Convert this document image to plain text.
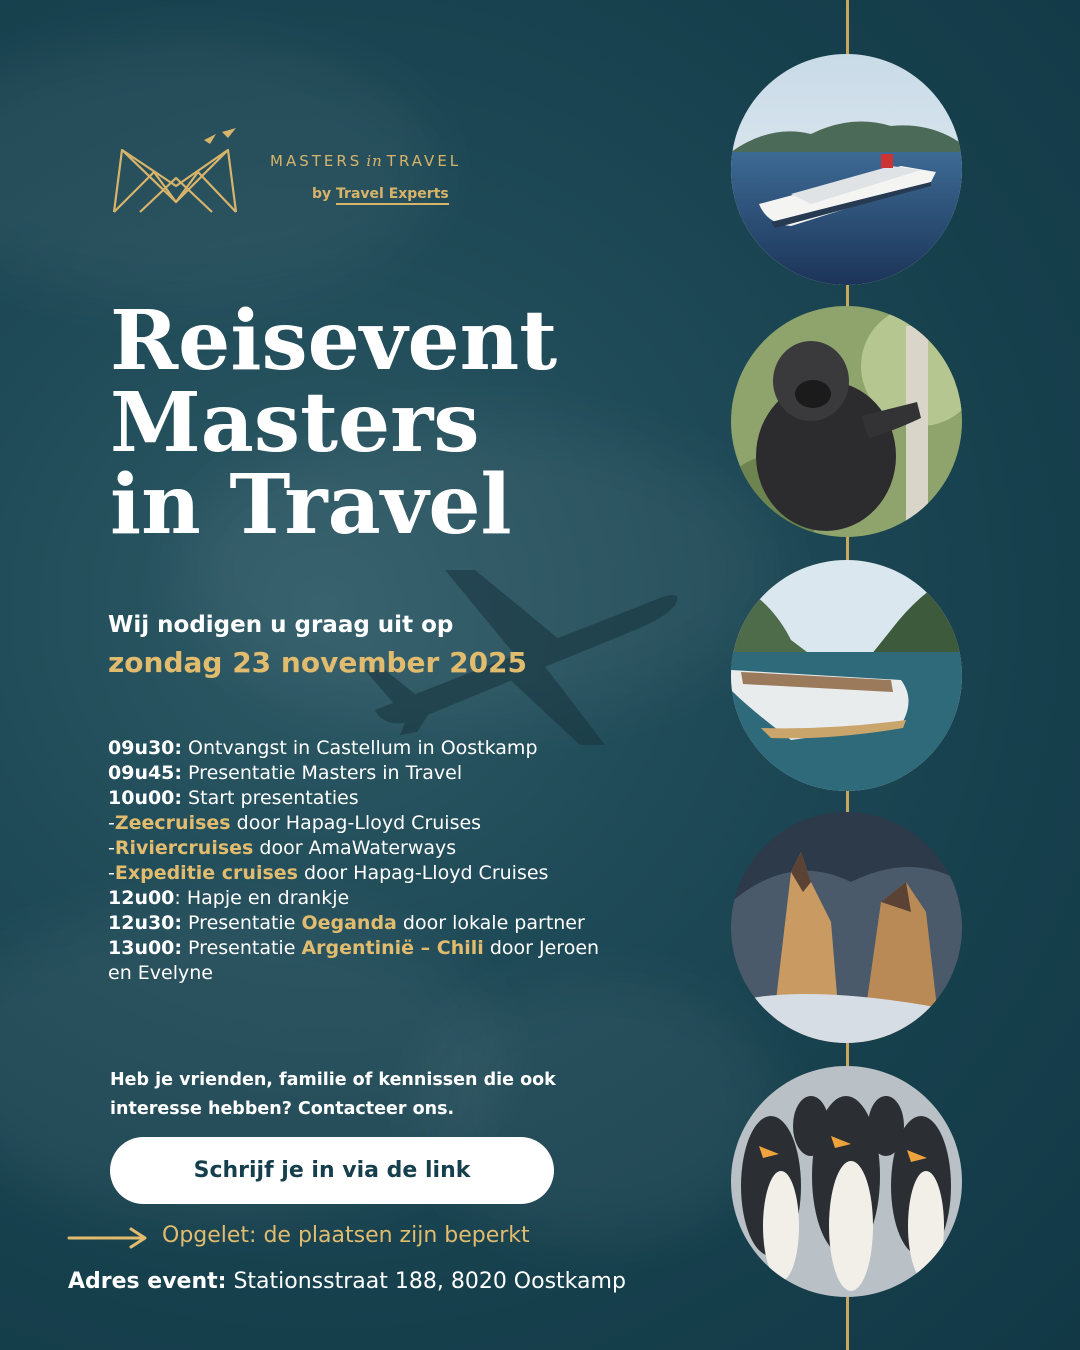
MASTERS in TRAVEL
by Travel Experts
Reisevent
Masters
in Travel
Wij nodigen u graag uit op
zondag 23 november 2025
09u30: Ontvangst in Castellum in Oostkamp
09u45: Presentatie Masters in Travel
10u00: Start presentaties
-Zeecruises door Hapag-Lloyd Cruises
-Riviercruises door AmaWaterways
-Expeditie cruises door Hapag-Lloyd Cruises
12u00: Hapje en drankje
12u30: Presentatie Oeganda door lokale partner
13u00: Presentatie Argentinië – Chili door Jeroen
en Evelyne
Heb je vrienden, familie of kennissen die ook
interesse hebben? Contacteer ons.
Schrijf je in via de link
Opgelet: de plaatsen zijn beperkt
Adres event: Stationsstraat 188, 8020 Oostkamp
